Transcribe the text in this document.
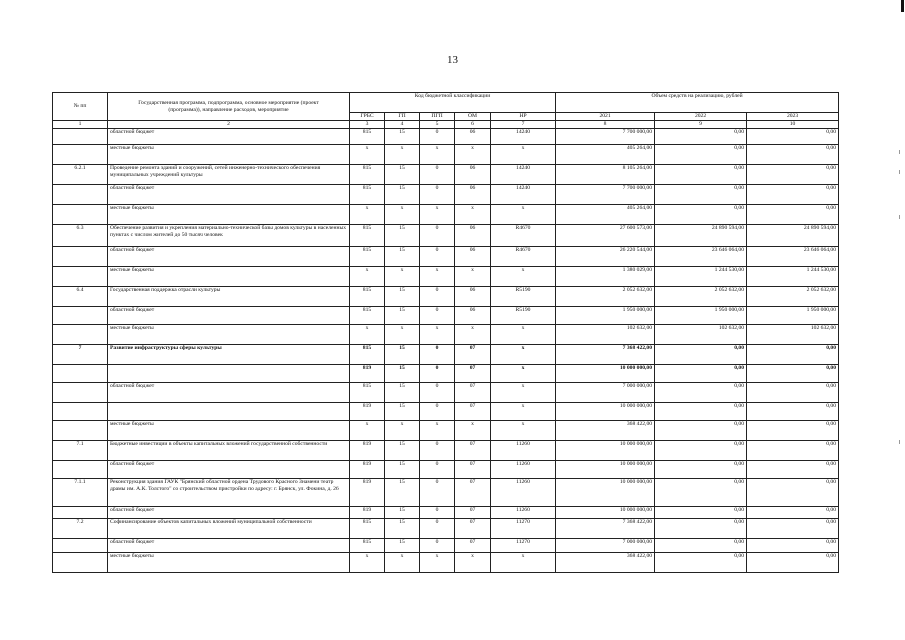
13
№ пп	Государственная программа, подпрограмма, основное мероприятие (проект
(программа)), направление расходов, мероприятие	Код бюджетной классификации					Объем средств на реализацию, рублей		
		ГРБС	ГП	ПГП	ОМ	НР	2021	2022	2023
1	2	3	4	5	6	7	8	9	10
	областной бюджет	815	15	0	06	14240	7 700 000,00	0,00	0,00
	местные бюджеты	х	х	х	х	х	405 264,00	0,00	0,00
6.2.1	Проведение ремонта зданий и сооружений, сетей инженерно-технического обеспечения муниципальных учреждений культуры	815	15	0	06	14240	8 105 264,00	0,00	0,00
	областной бюджет	815	15	0	06	14240	7 700 000,00	0,00	0,00
	местные бюджеты	х	х	х	х	х	405 264,00	0,00	0,00
6.3	Обеспечение развития и укрепления материально-технической базы домов культуры в населенных пунктах с числом жителей до 50 тысяч человек	815	15	0	06	R4670	27 600 573,00	24 890 594,00	24 890 594,00
	областной бюджет	815	15	0	06	R4670	26 220 544,00	23 646 064,00	23 646 064,00
	местные бюджеты	х	х	х	х	х	1 380 029,00	1 244 530,00	1 244 530,00
6.4	Государственная поддержка отрасли культуры	815	15	0	06	R5190	2 052 632,00	2 052 632,00	2 052 632,00
	областной бюджет	815	15	0	06	R5190	1 950 000,00	1 950 000,00	1 950 000,00
	местные бюджеты	х	х	х	х	х	102 632,00	102 632,00	102 632,00
7	Развитие инфраструктуры сферы культуры	815	15	0	07	х	7 368 422,00	0,00	0,00
		819	15	0	07	х	10 000 000,00	0,00	0,00
	областной бюджет	815	15	0	07	х	7 000 000,00	0,00	0,00
		819	15	0	07	х	10 000 000,00	0,00	0,00
	местные бюджеты	х	х	х	х	х	368 422,00	0,00	0,00
7.1	Бюджетные инвестиции в объекты капитальных вложений государственной собственности	819	15	0	07	11260	10 000 000,00	0,00	0,00
	областной бюджет	819	15	0	07	11260	10 000 000,00	0,00	0,00
7.1.1	Реконструкция здания ГАУК "Брянский областной ордена Трудового Красного Знамени театр драмы им. А.К. Толстого" со строительством пристройки по адресу: г. Брянск, ул. Фокина, д. 26	819	15	0	07	11260	10 000 000,00	0,00	0,00
	областной бюджет	819	15	0	07	11260	10 000 000,00	0,00	0,00
7.2	Софинансирование объектов капитальных вложений муниципальной собственности	815	15	0	07	11270	7 368 422,00	0,00	0,00
	областной бюджет	815	15	0	07	11270	7 000 000,00	0,00	0,00
	местные бюджеты	х	х	х	х	х	368 422,00	0,00	0,00
